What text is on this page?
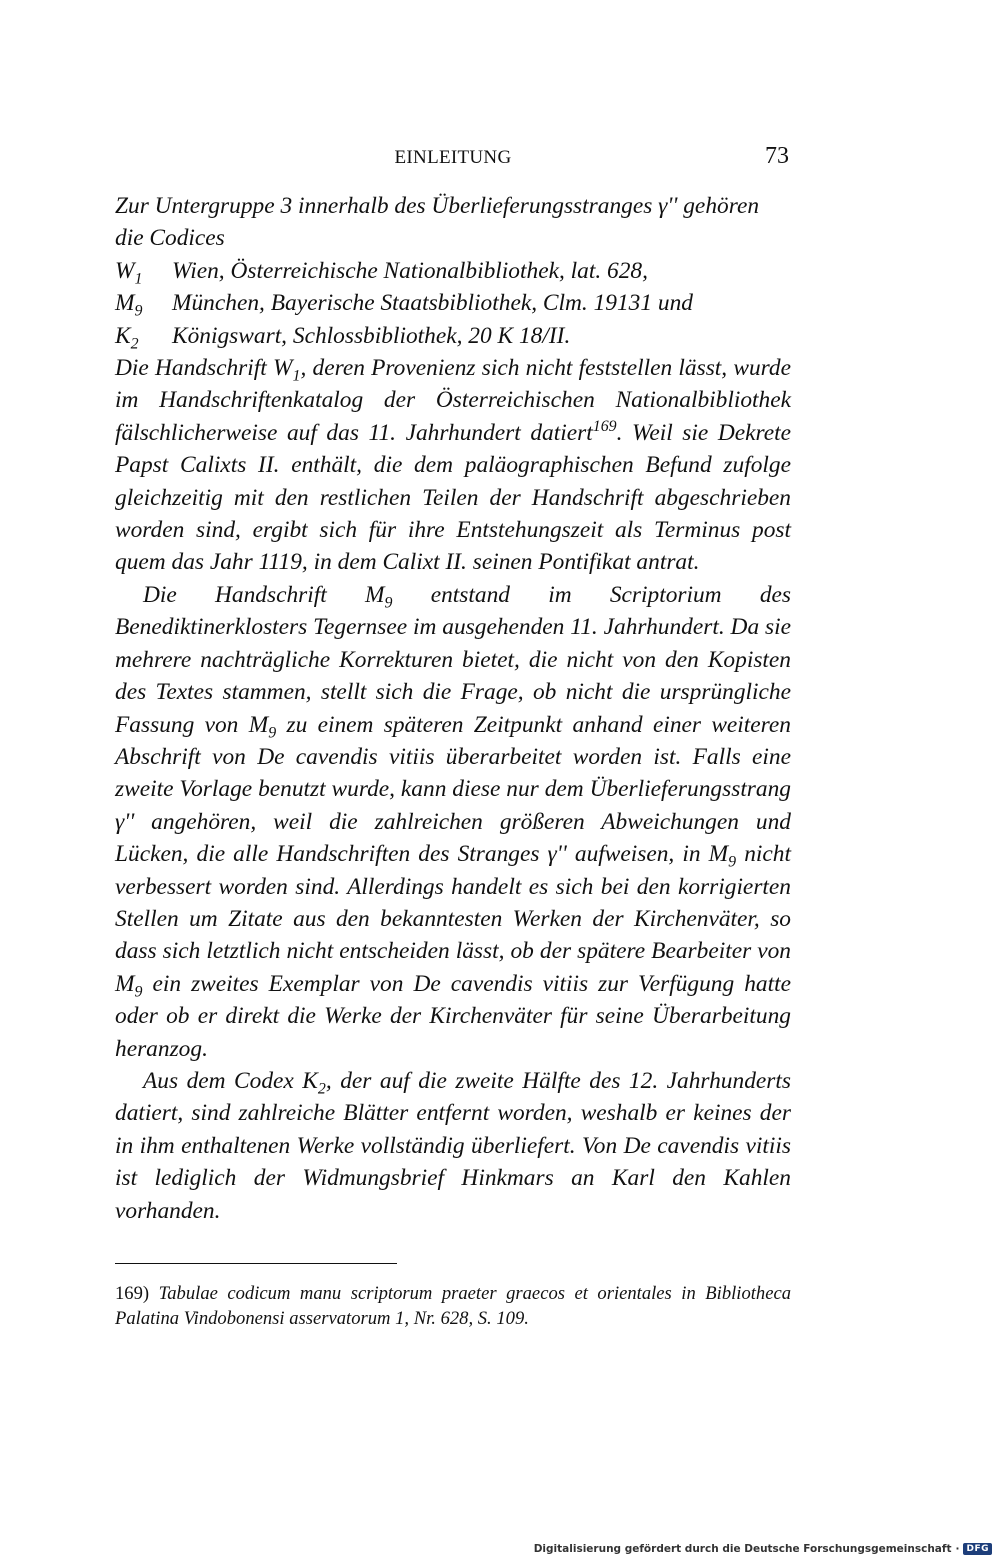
EINLEITUNG	73

Zur Untergruppe 3 innerhalb des Überlieferungsstranges γ'' gehören
die Codices

$W_1$ Wien, Österreichische Nationalbibliothek, lat. 628,
$M_9$ München, Bayerische Staatsbibliothek, Clm. 19131 und
$K_2$ Königswart, Schlossbibliothek, 20 K 18/II.

Die Handschrift $W_1$, deren Provenienz sich nicht feststellen lässt, wurde im Handschriftenkatalog der Österreichischen Nationalbibliothek fälschlicherweise auf das 11. Jahrhundert datiert$^{169}$. Weil sie Dekrete Papst Calixts II. enthält, die dem paläographischen Befund zufolge gleichzeitig mit den restlichen Teilen der Handschrift abgeschrieben worden sind, ergibt sich für ihre Entstehungszeit als Terminus post quem das Jahr 1119, in dem Calixt II. seinen Pontifikat antrat.

Die Handschrift $M_9$ entstand im Scriptorium des Benediktinerklosters Tegernsee im ausgehenden 11. Jahrhundert. Da sie mehrere nachträgliche Korrekturen bietet, die nicht von den Kopisten des Textes stammen, stellt sich die Frage, ob nicht die ursprüngliche Fassung von $M_9$ zu einem späteren Zeitpunkt anhand einer weiteren Abschrift von De cavendis vitiis überarbeitet worden ist. Falls eine zweite Vorlage benutzt wurde, kann diese nur dem Überlieferungsstrang γ'' angehören, weil die zahlreichen größeren Abweichungen und Lücken, die alle Handschriften des Stranges γ'' aufweisen, in $M_9$ nicht verbessert worden sind. Allerdings handelt es sich bei den korrigierten Stellen um Zitate aus den bekanntesten Werken der Kirchenväter, so dass sich letztlich nicht entscheiden lässt, ob der spätere Bearbeiter von $M_9$ ein zweites Exemplar von De cavendis vitiis zur Verfügung hatte oder ob er direkt die Werke der Kirchenväter für seine Überarbeitung heranzog.

Aus dem Codex $K_2$, der auf die zweite Hälfte des 12. Jahrhunderts datiert, sind zahlreiche Blätter entfernt worden, weshalb er keines der in ihm enthaltenen Werke vollständig überliefert. Von De cavendis vitiis ist lediglich der Widmungsbrief Hinkmars an Karl den Kahlen vorhanden.

169) Tabulae codicum manu scriptorum praeter graecos et orientales in Bibliotheca Palatina Vindobonensi asservatorum 1, Nr. 628, S. 109.
Digitalisierung gefördert durch die Deutsche Forschungsgemeinschaft · DFG
